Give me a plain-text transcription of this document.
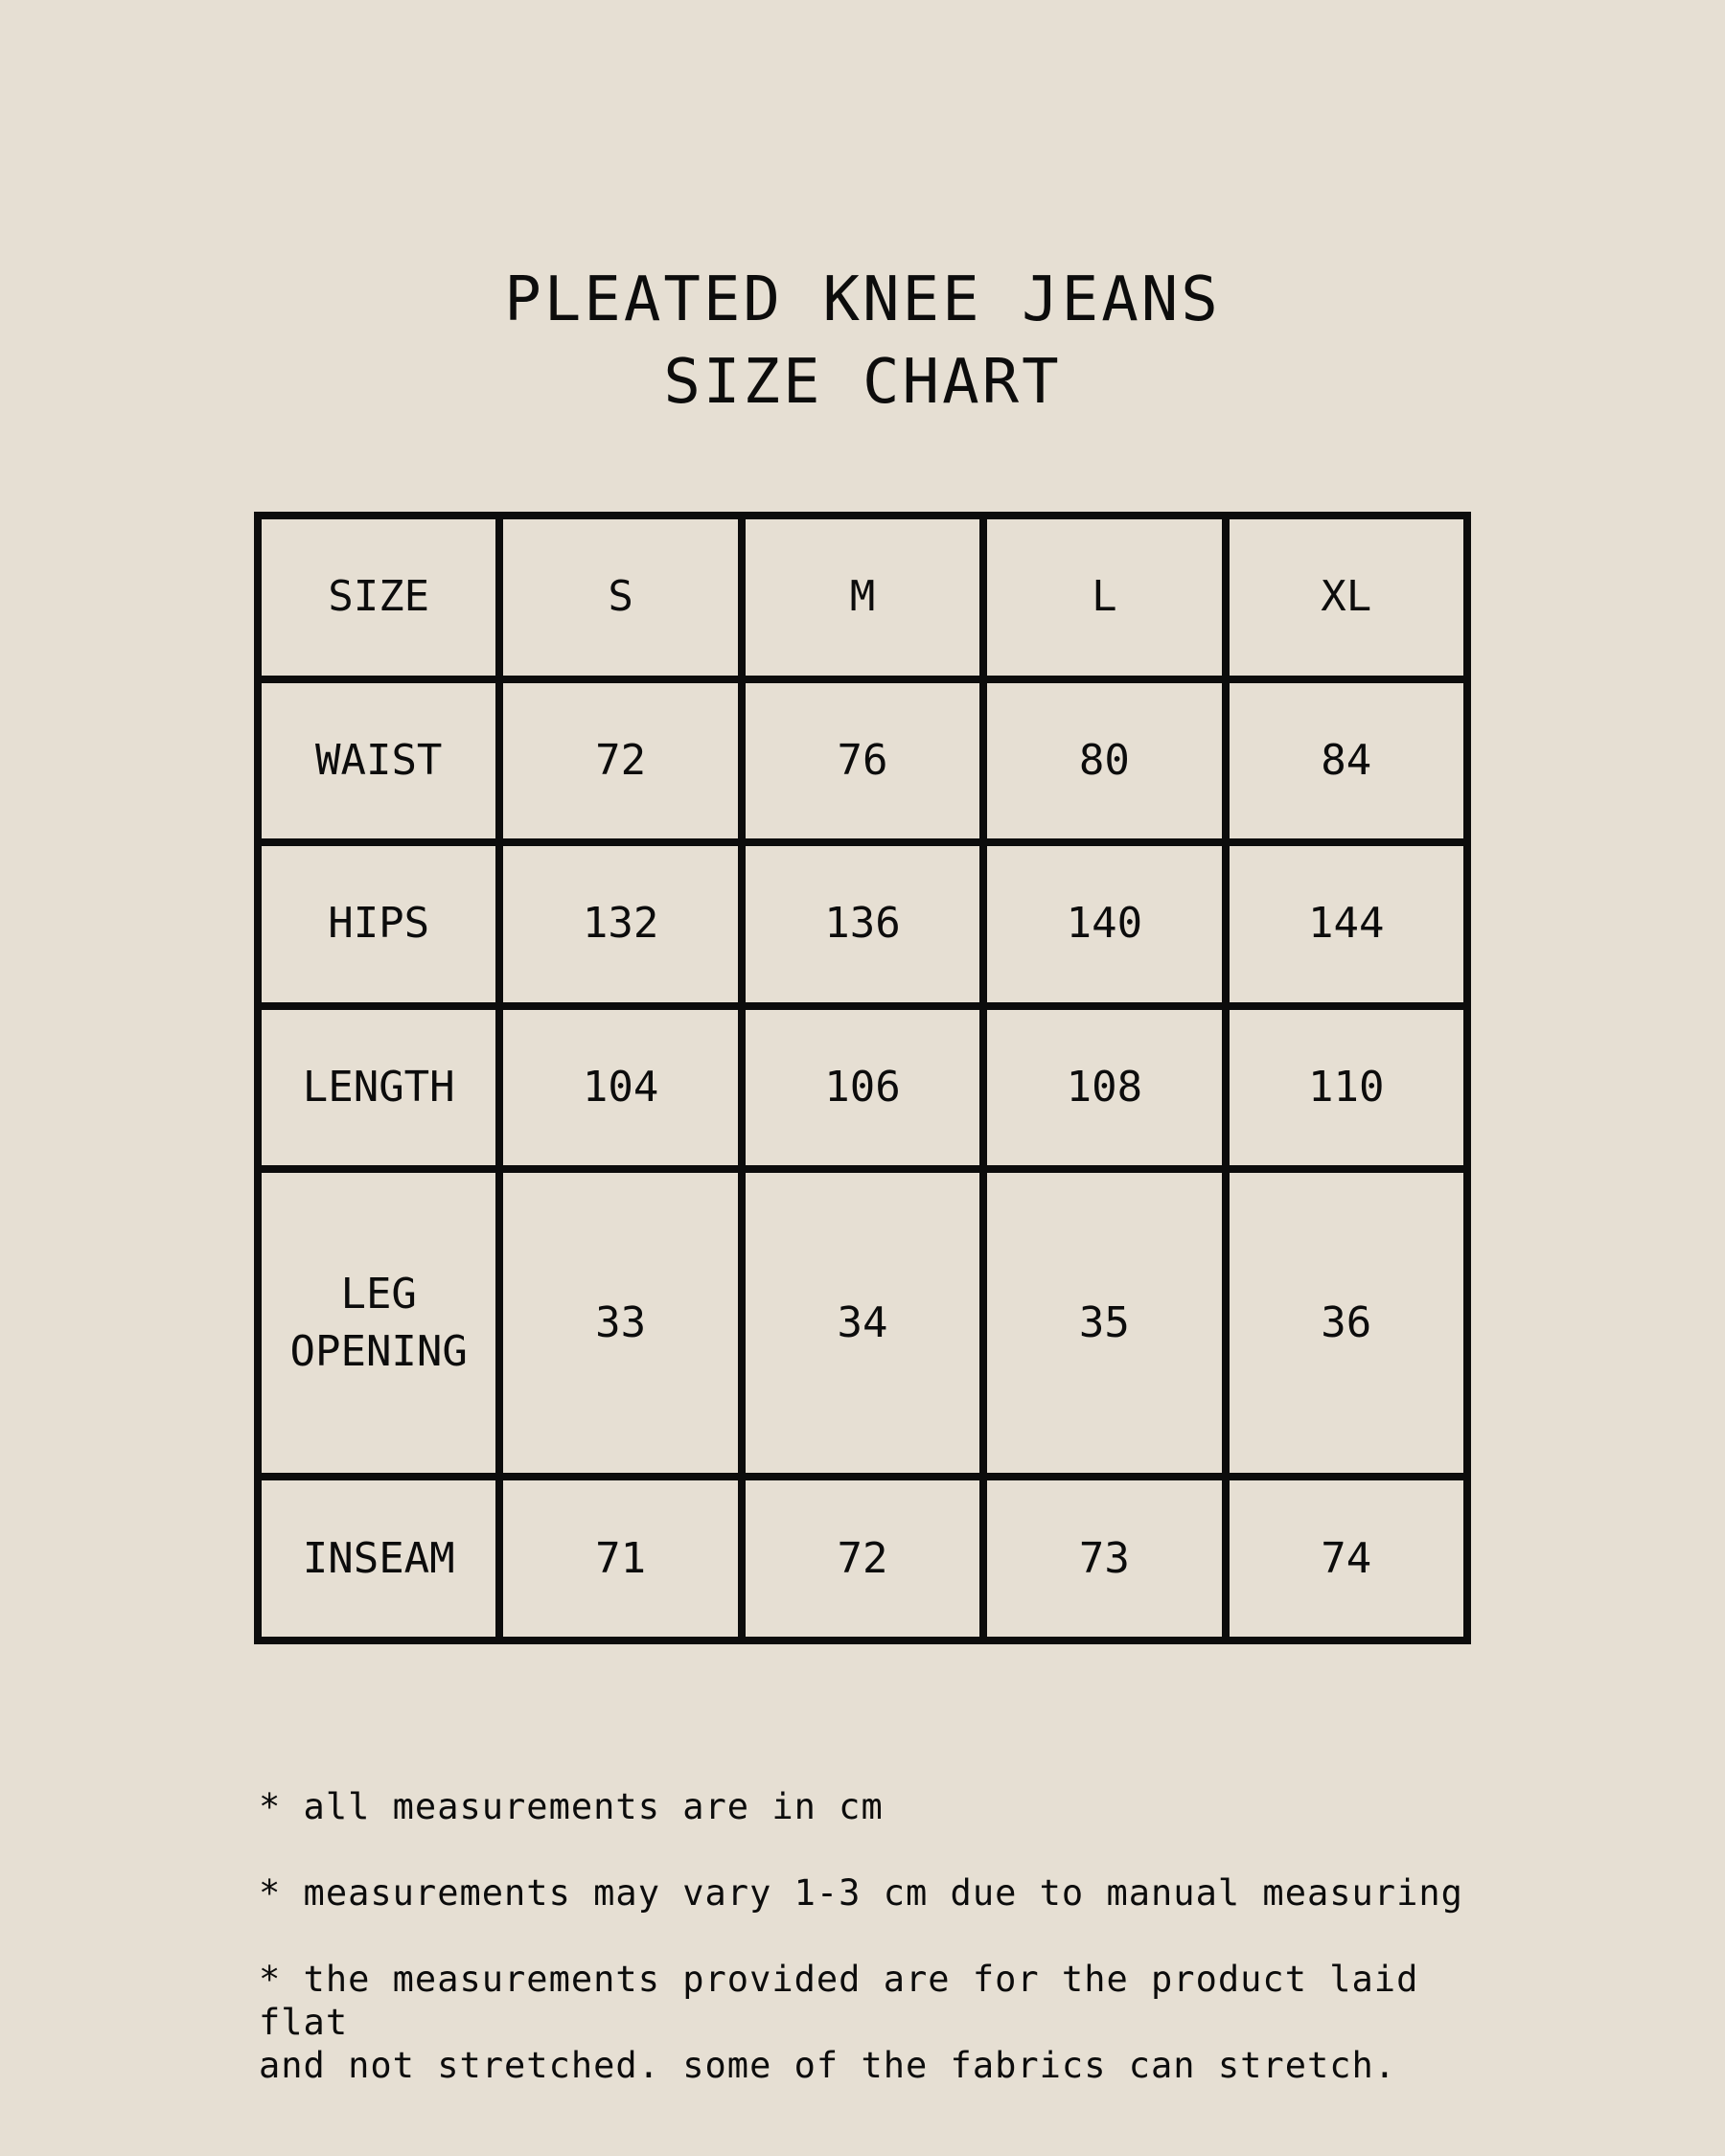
PLEATED KNEE JEANS
SIZE CHART
SIZE	S	M	L	XL
WAIST	72	76	80	84
HIPS	132	136	140	144
LENGTH	104	106	108	110
LEG
OPENING	33	34	35	36
INSEAM	71	72	73	74

* all measurements are in cm

* measurements may vary 1-3 cm due to manual measuring

* the measurements provided are for the product laid flat
and not stretched. some of the fabrics can stretch.
